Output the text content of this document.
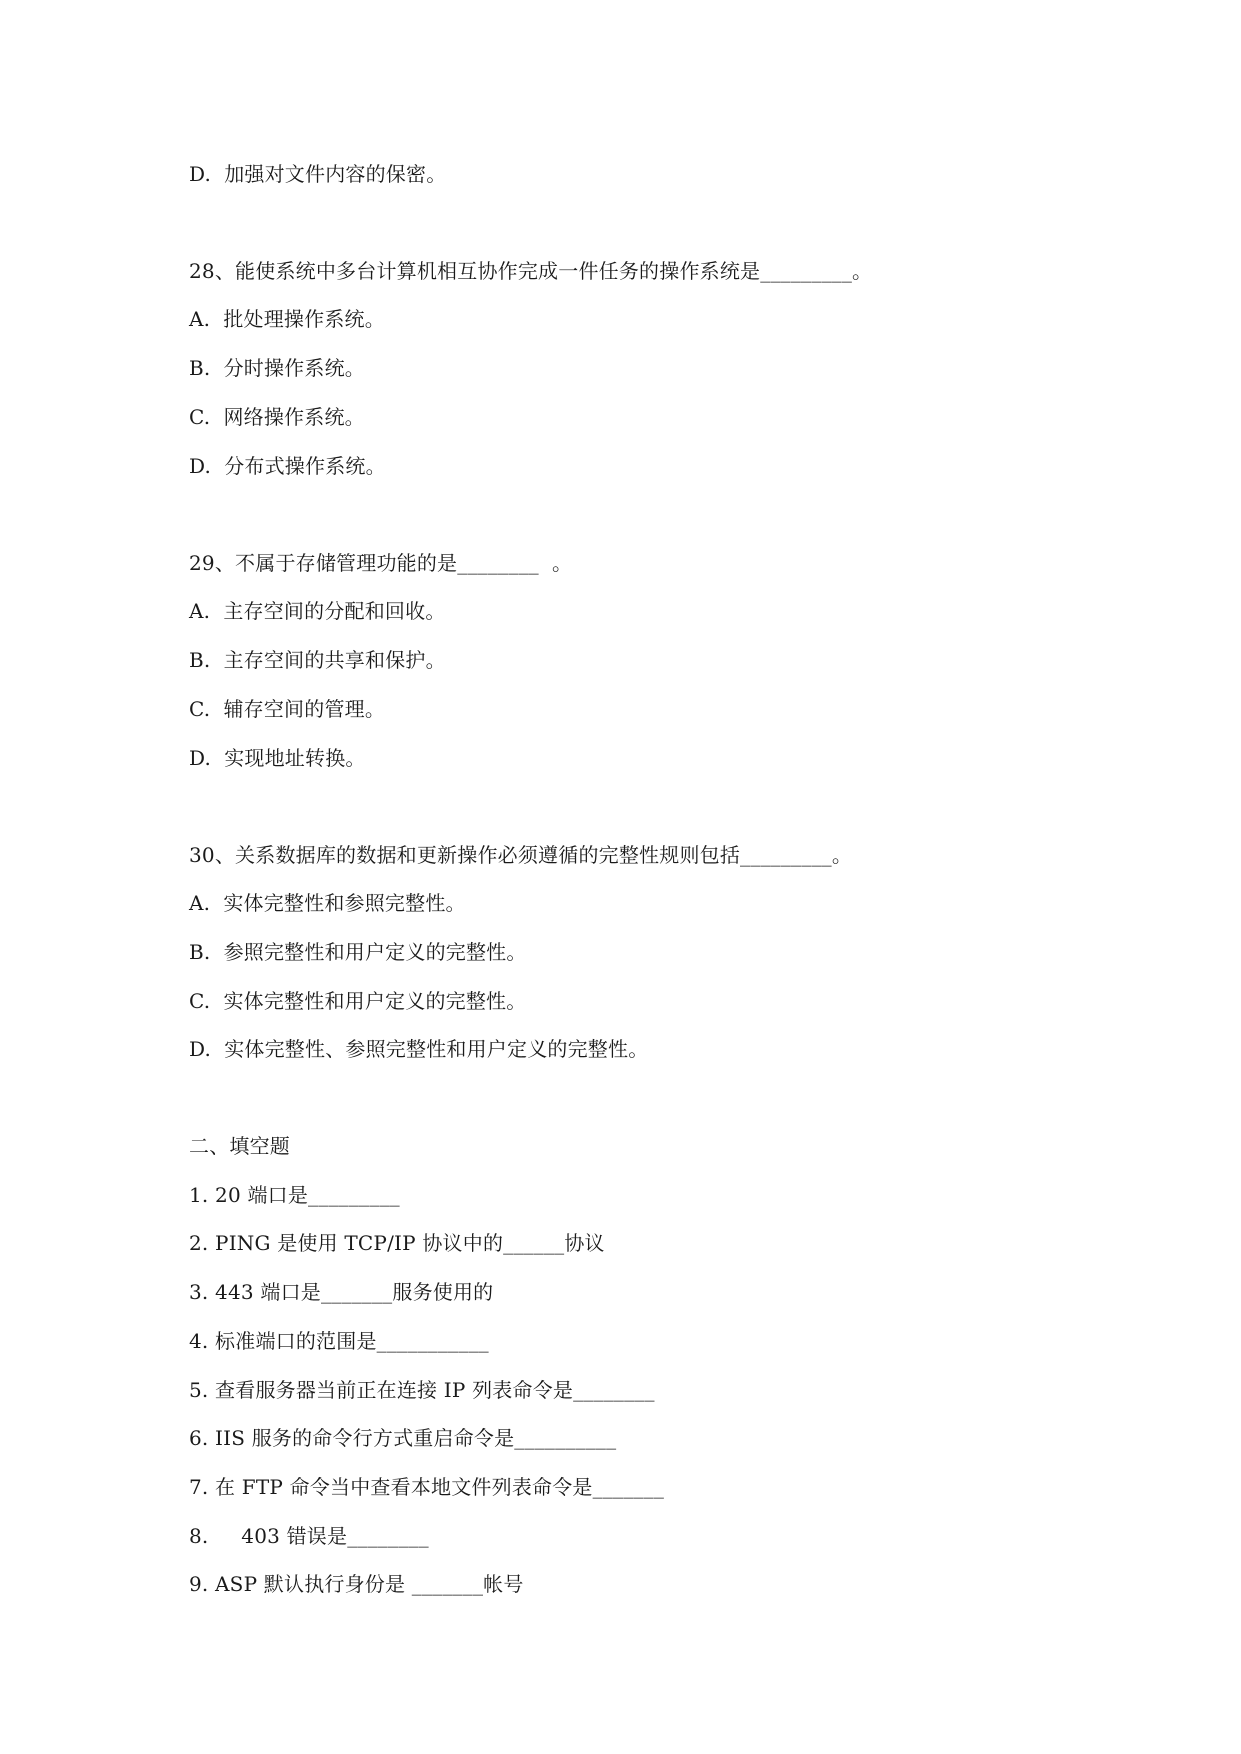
D.  加强对文件内容的保密。
28、能使系统中多台计算机相互协作完成一件任务的操作系统是_________。
A.  批处理操作系统。
B.  分时操作系统。
C.  网络操作系统。
D.  分布式操作系统。
29、不属于存储管理功能的是________  。
A.  主存空间的分配和回收。
B.  主存空间的共享和保护。
C.  辅存空间的管理。
D.  实现地址转换。
30、关系数据库的数据和更新操作必须遵循的完整性规则包括_________。
A.  实体完整性和参照完整性。
B.  参照完整性和用户定义的完整性。
C.  实体完整性和用户定义的完整性。
D.  实体完整性、参照完整性和用户定义的完整性。
二、填空题
1. 20 端口是_________
2. PING 是使用 TCP/IP 协议中的______协议
3. 443 端口是_______服务使用的
4. 标准端口的范围是___________
5. 查看服务器当前正在连接 IP 列表命令是________
6. IIS 服务的命令行方式重启命令是__________
7. 在 FTP 命令当中查看本地文件列表命令是_______
8.     403 错误是________
9. ASP 默认执行身份是 _______帐号
